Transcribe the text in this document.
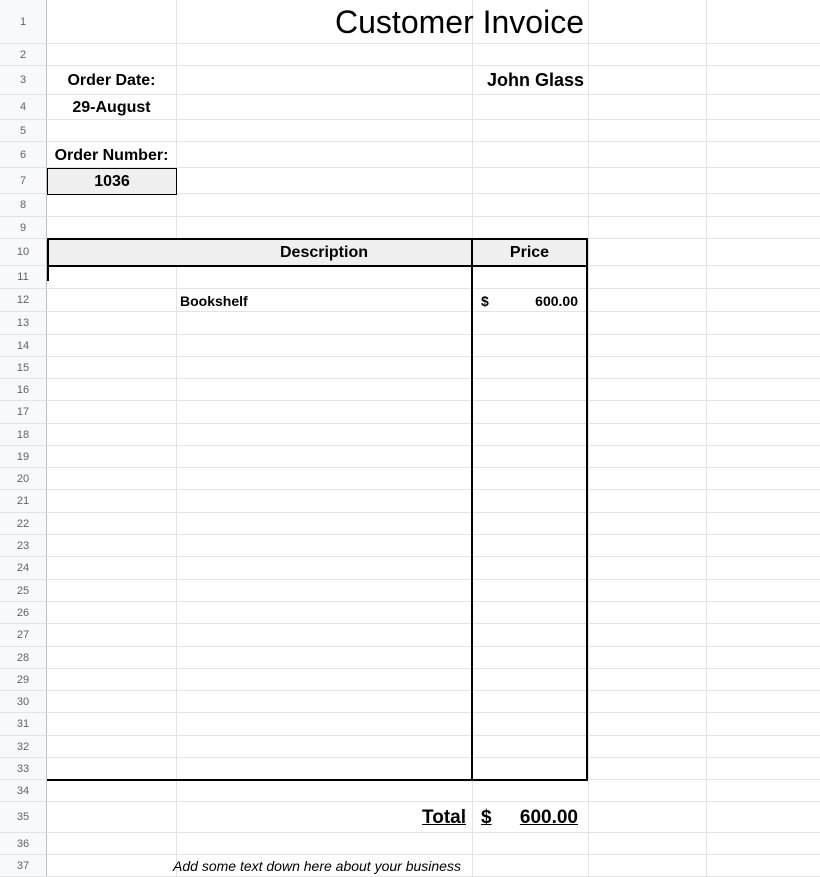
1
2
3
4
5
6
7
8
9
10
11
12
13
14
15
16
17
18
19
20
21
22
23
24
25
26
27
28
29
30
31
32
33
34
35
36
37
Customer Invoice
John Glass
Order Date:
29-August
Order Number:
1036
Description	Price
Bookshelf	$	600.00
Total $	600.00
Add some text down here about your business
